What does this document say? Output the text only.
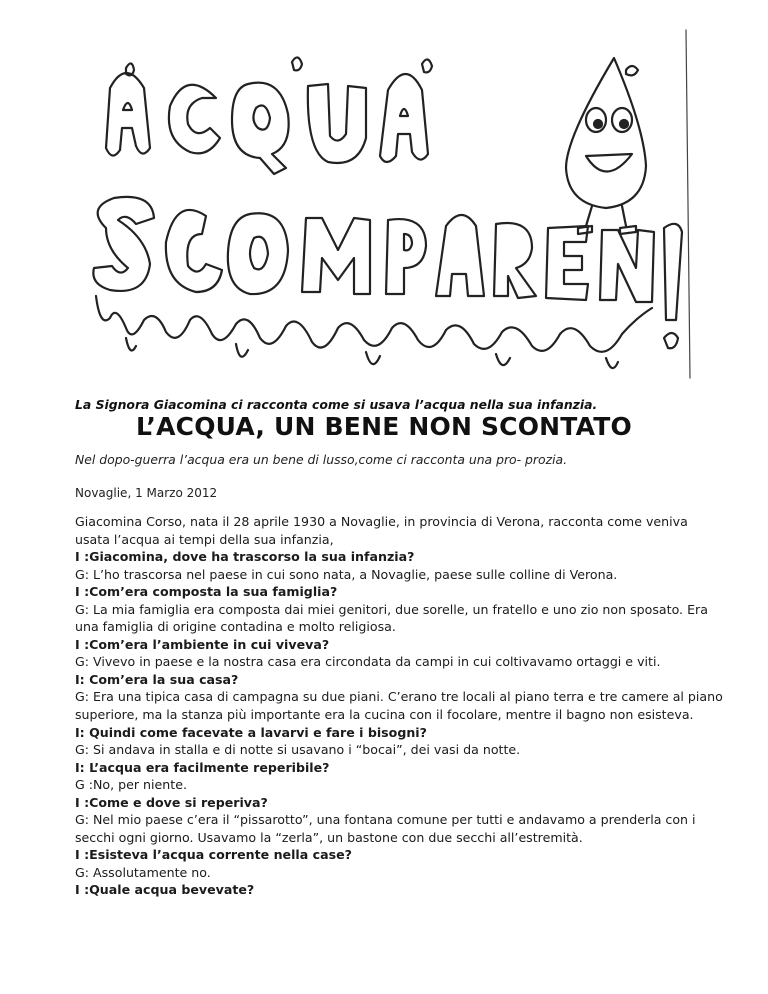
La Signora Giacomina ci racconta come si usava l’acqua nella sua infanzia.
L’ACQUA, UN BENE NON SCONTATO
Nel dopo-guerra l’acqua era un bene di lusso,come ci racconta una pro- prozia.
Novaglie, 1 Marzo 2012

Giacomina Corso, nata il 28 aprile 1930 a Novaglie, in provincia di Verona, racconta come veniva usata l’acqua ai tempi della sua infanzia,

I :Giacomina, dove ha trascorso la sua infanzia?

G: L’ho trascorsa nel paese in cui sono nata, a Novaglie, paese sulle colline di Verona.

I :Com’era composta la sua famiglia?

G: La mia famiglia era composta dai miei genitori, due sorelle, un fratello e uno zio non sposato. Era una famiglia di origine contadina e molto religiosa.

I :Com’era l’ambiente in cui viveva?

G: Vivevo in paese e la nostra casa era circondata da campi in cui coltivavamo ortaggi e viti.

I: Com’era la sua casa?

G: Era una tipica casa di campagna su due piani. C’erano tre locali al piano terra e tre camere al piano superiore, ma la stanza più importante era la cucina con il focolare, mentre il bagno non esisteva.

I: Quindi come facevate a lavarvi e fare i bisogni?

G: Si andava in stalla e di notte si usavano i “bocai”, dei vasi da notte.

I: L’acqua era facilmente reperibile?

G :No, per niente.

I :Come e dove si reperiva?

G: Nel mio paese c’era il “pissarotto”, una fontana comune per tutti e andavamo a prenderla con i secchi ogni giorno. Usavamo la “zerla”, un bastone con due secchi all’estremità.

I :Esisteva l’acqua corrente nella case?

G: Assolutamente no.

I :Quale acqua bevevate?
